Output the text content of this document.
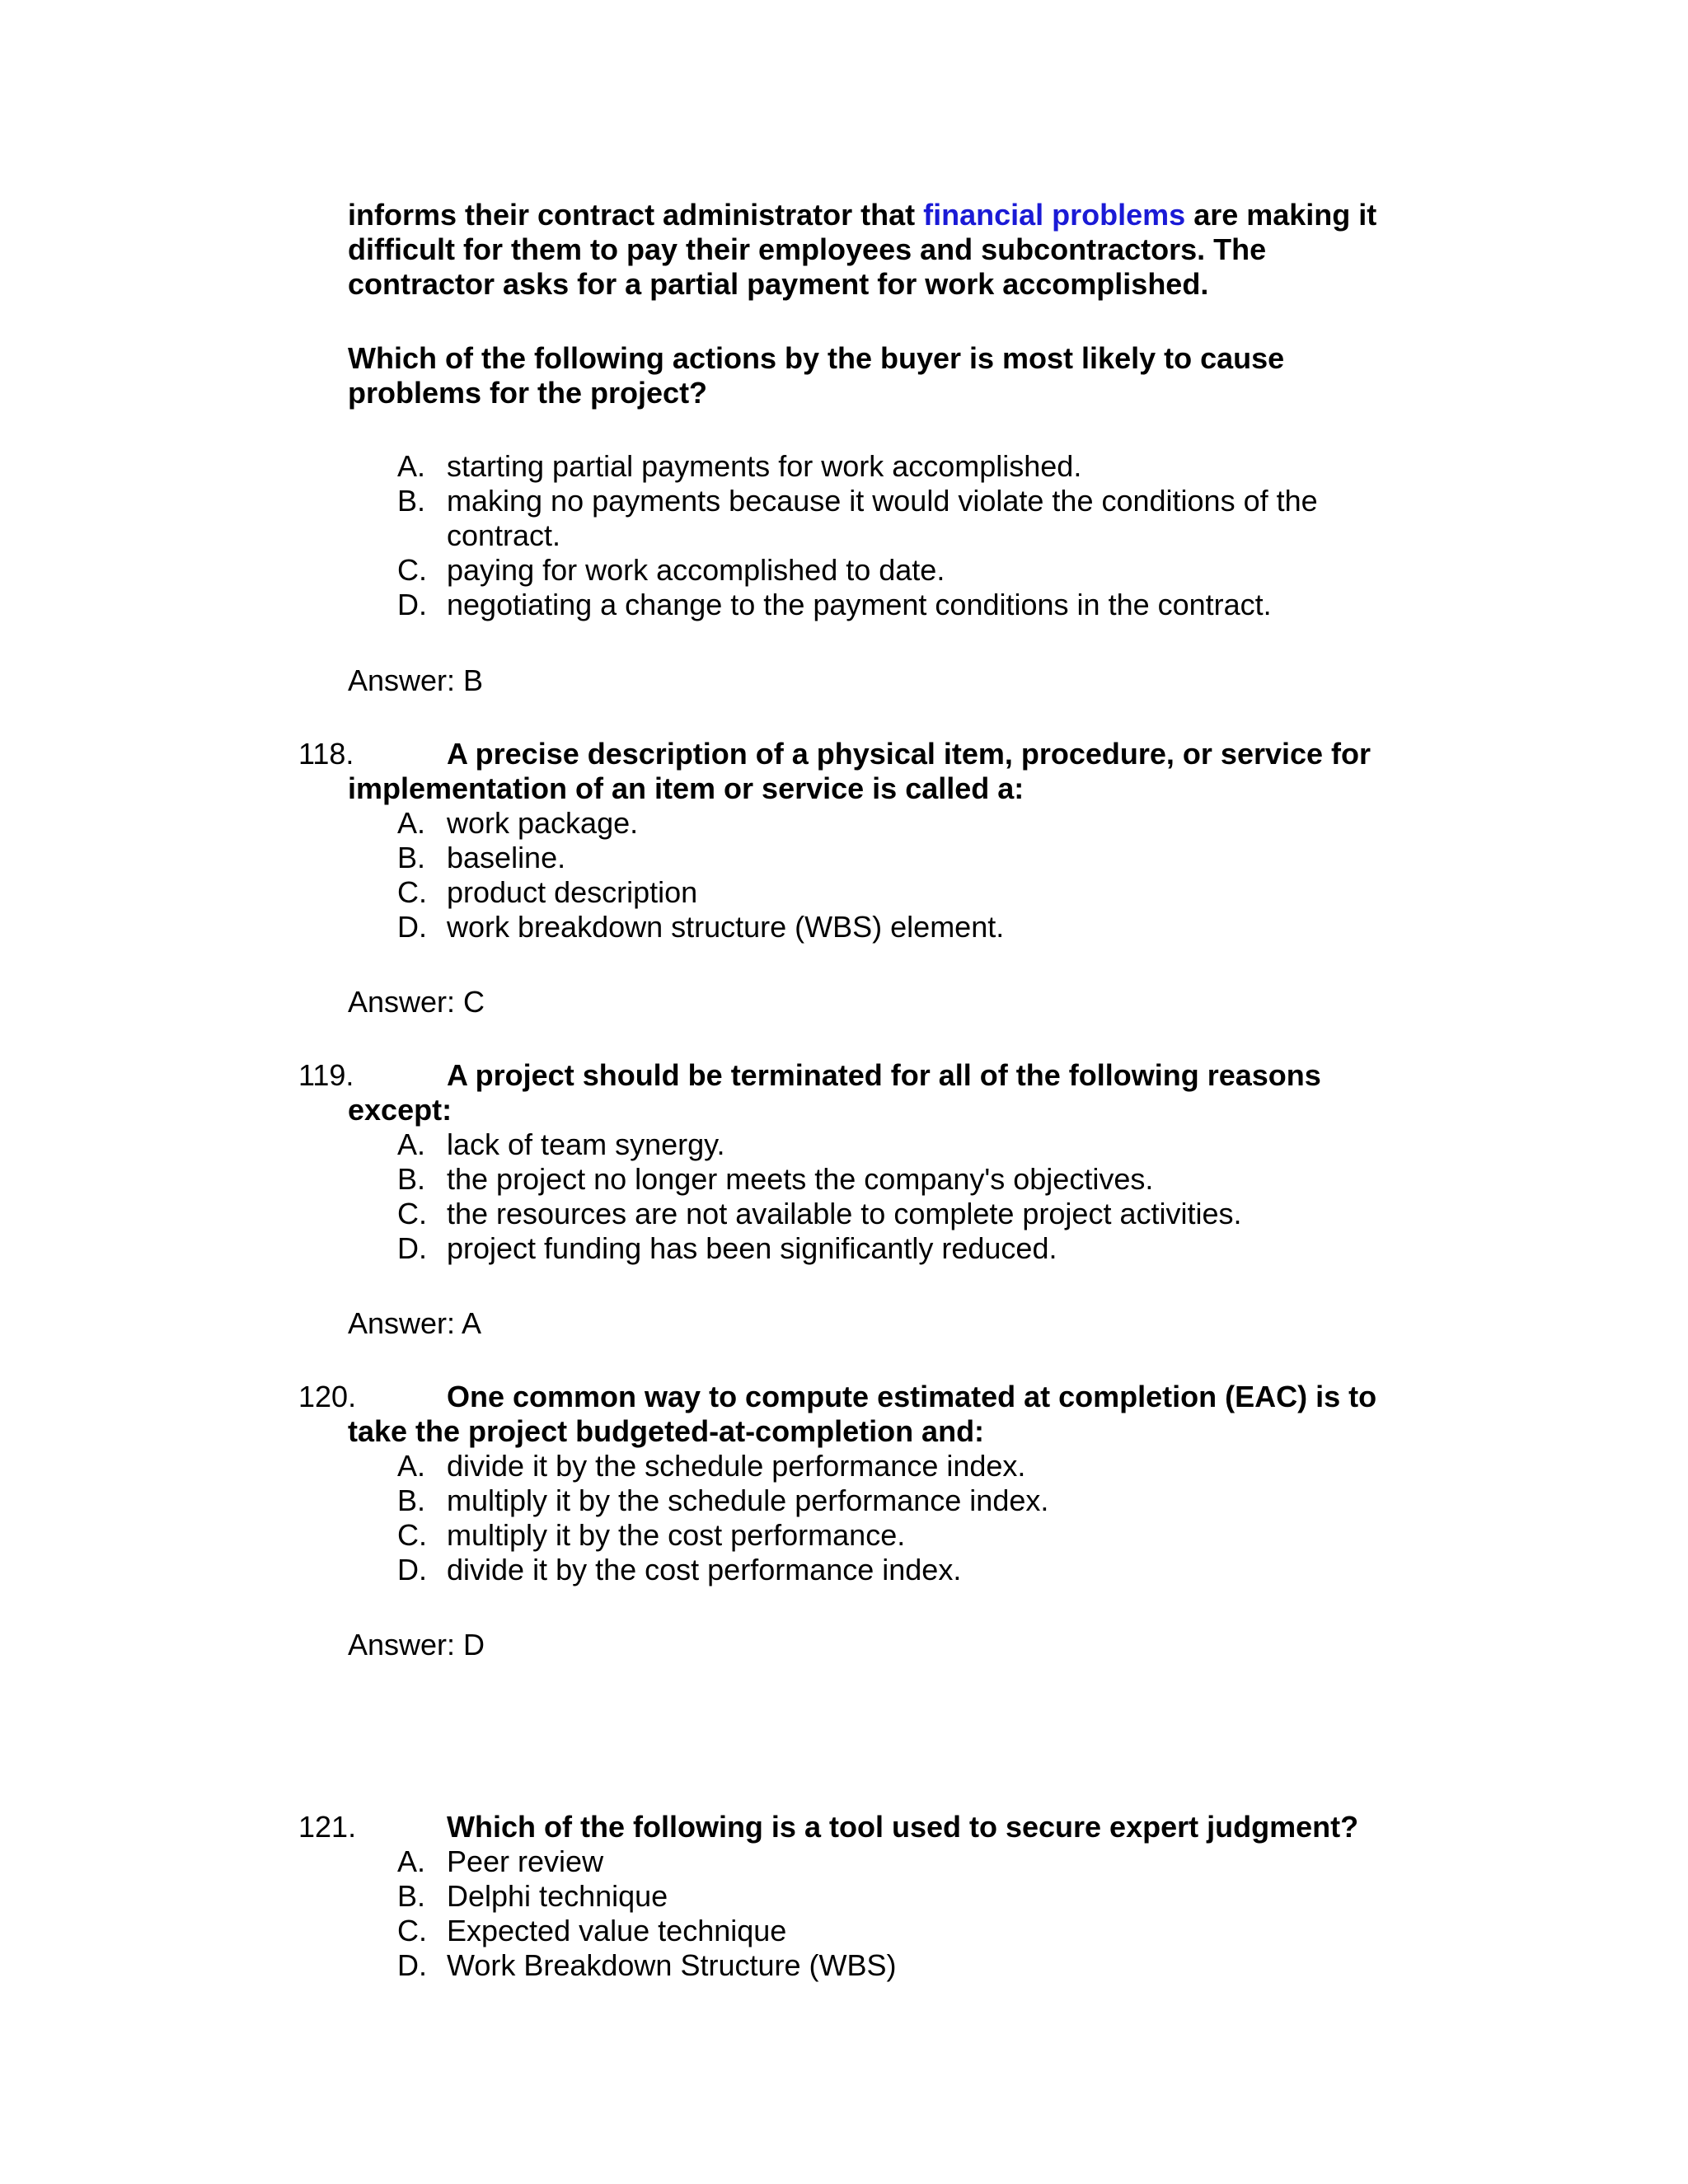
informs their contract administrator that financial problems are making it difficult for them to pay their employees and subcontractors. The contractor asks for a partial payment for work accomplished.
Which of the following actions by the buyer is most likely to cause problems for the project?
A. starting partial payments for work accomplished.
B. making no payments because it would violate the conditions of the contract.
C. paying for work accomplished to date.
D. negotiating a change to the payment conditions in the contract.
Answer: B
118.	A precise description of a physical item, procedure, or service for
implementation of an item or service is called a:
A. work package.
B. baseline.
C. product description
D. work breakdown structure (WBS) element.
Answer: C
119.	A project should be terminated for all of the following reasons
except:
A. lack of team synergy.
B. the project no longer meets the company's objectives.
C. the resources are not available to complete project activities.
D. project funding has been significantly reduced.
Answer: A
120.	One common way to compute estimated at completion (EAC) is to
take the project budgeted-at-completion and:
A. divide it by the schedule performance index.
B. multiply it by the schedule performance index.
C. multiply it by the cost performance.
D. divide it by the cost performance index.
Answer: D
121.	Which of the following is a tool used to secure expert judgment?
A. Peer review
B. Delphi technique
C. Expected value technique
D. Work Breakdown Structure (WBS)
